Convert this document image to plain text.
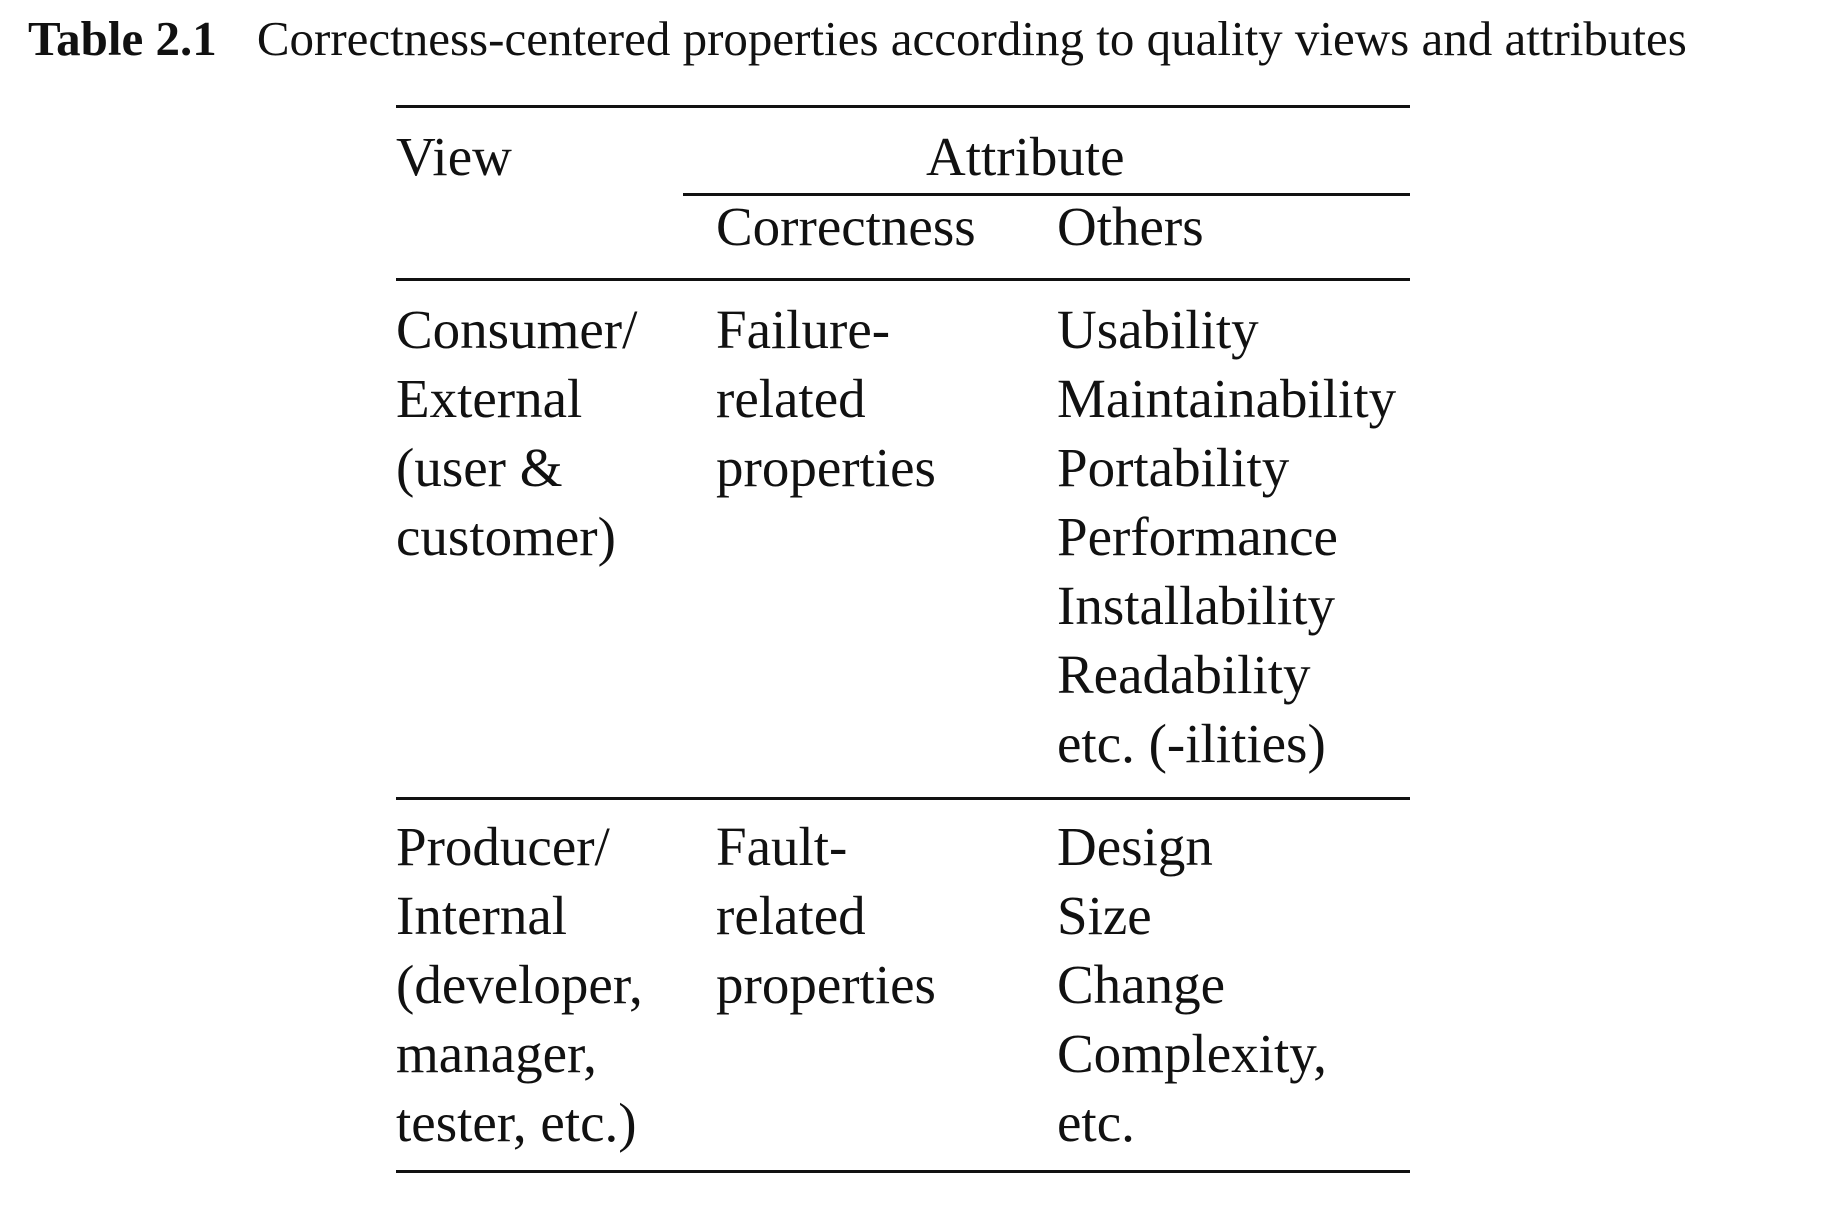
Table 2.1 Correctness-centered properties according to quality views and attributes
View	Attribute
Correctness Others
Consumer/
External
(user &
customer)
Failure-
related
properties
Usability
Maintainability
Portability
Performance
Installability
Readability
etc. (-ilities)
Producer/
Internal
(developer,
manager,
tester, etc.)
Fault-
related
properties
Design
Size
Change
Complexity,
etc.
